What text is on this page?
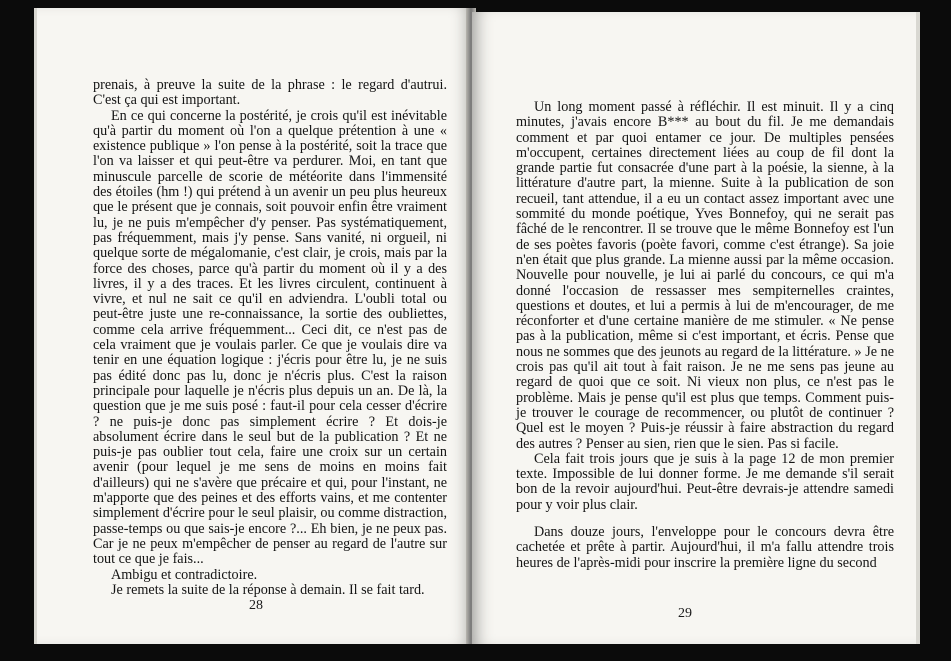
prenais, à preuve la suite de la phrase : le regard d'autrui. C'est ça qui est important.

En ce qui concerne la postérité, je crois qu'il est inévitable qu'à partir du moment où l'on a quelque prétention à une « existence publique » l'on pense à la postérité, soit la trace que l'on va laisser et qui peut-être va perdurer. Moi, en tant que minuscule parcelle de scorie de météorite dans l'immensité des étoiles (hm !) qui prétend à un avenir un peu plus heureux que le présent que je connais, soit pouvoir enfin être vraiment lu, je ne puis m'empêcher d'y penser. Pas systématiquement, pas fréquemment, mais j'y pense. Sans vanité, ni orgueil, ni quelque sorte de mégalomanie, c'est clair, je crois, mais par la force des choses, parce qu'à partir du moment où il y a des livres, il y a des traces. Et les livres circulent, continuent à vivre, et nul ne sait ce qu'il en adviendra. L'oubli total ou peut-être juste une re-connaissance, la sortie des oubliettes, comme cela arrive fréquemment... Ceci dit, ce n'est pas de cela vraiment que je voulais parler. Ce que je voulais dire va tenir en une équation logique : j'écris pour être lu, je ne suis pas édité donc pas lu, donc je n'écris plus. C'est la raison principale pour laquelle je n'écris plus depuis un an. De là, la question que je me suis posé : faut-il pour cela cesser d'écrire ? ne puis-je donc pas simplement écrire ? Et dois-je absolument écrire dans le seul but de la publication ? Et ne puis-je pas oublier tout cela, faire une croix sur un certain avenir (pour lequel je me sens de moins en moins fait d'ailleurs) qui ne s'avère que précaire et qui, pour l'instant, ne m'apporte que des peines et des efforts vains, et me contenter simplement d'écrire pour le seul plaisir, ou comme distraction, passe-temps ou que sais-je encore ?... Eh bien, je ne peux pas. Car je ne peux m'empêcher de penser au regard de l'autre sur tout ce que je fais...

Ambigu et contradictoire.

Je remets la suite de la réponse à demain. Il se fait tard.

28

Un long moment passé à réfléchir. Il est minuit. Il y a cinq minutes, j'avais encore B*** au bout du fil. Je me demandais comment et par quoi entamer ce jour. De multiples pensées m'occupent, certaines directement liées au coup de fil dont la grande partie fut consacrée d'une part à la poésie, la sienne, à la littérature d'autre part, la mienne. Suite à la publication de son recueil, tant attendue, il a eu un contact assez important avec une sommité du monde poétique, Yves Bonnefoy, qui ne serait pas fâché de le rencontrer. Il se trouve que le même Bonnefoy est l'un de ses poètes favoris (poète favori, comme c'est étrange). Sa joie n'en était que plus grande. La mienne aussi par la même occasion. Nouvelle pour nouvelle, je lui ai parlé du concours, ce qui m'a donné l'occasion de ressasser mes sempiternelles craintes, questions et doutes, et lui a permis à lui de m'encourager, de me réconforter et d'une certaine manière de me stimuler. « Ne pense pas à la publication, même si c'est important, et écris. Pense que nous ne sommes que des jeunots au regard de la littérature. » Je ne crois pas qu'il ait tout à fait raison. Je ne me sens pas jeune au regard de quoi que ce soit. Ni vieux non plus, ce n'est pas le problème. Mais je pense qu'il est plus que temps. Comment puis-je trouver le courage de recommencer, ou plutôt de continuer ? Quel est le moyen ? Puis-je réussir à faire abstraction du regard des autres ? Penser au sien, rien que le sien. Pas si facile.

Cela fait trois jours que je suis à la page 12 de mon premier texte. Impossible de lui donner forme. Je me demande s'il serait bon de la revoir aujourd'hui. Peut-être devrais-je attendre samedi pour y voir plus clair.

Dans douze jours, l'enveloppe pour le concours devra être cachetée et prête à partir. Aujourd'hui, il m'a fallu attendre trois heures de l'après-midi pour inscrire la première ligne du second

29
